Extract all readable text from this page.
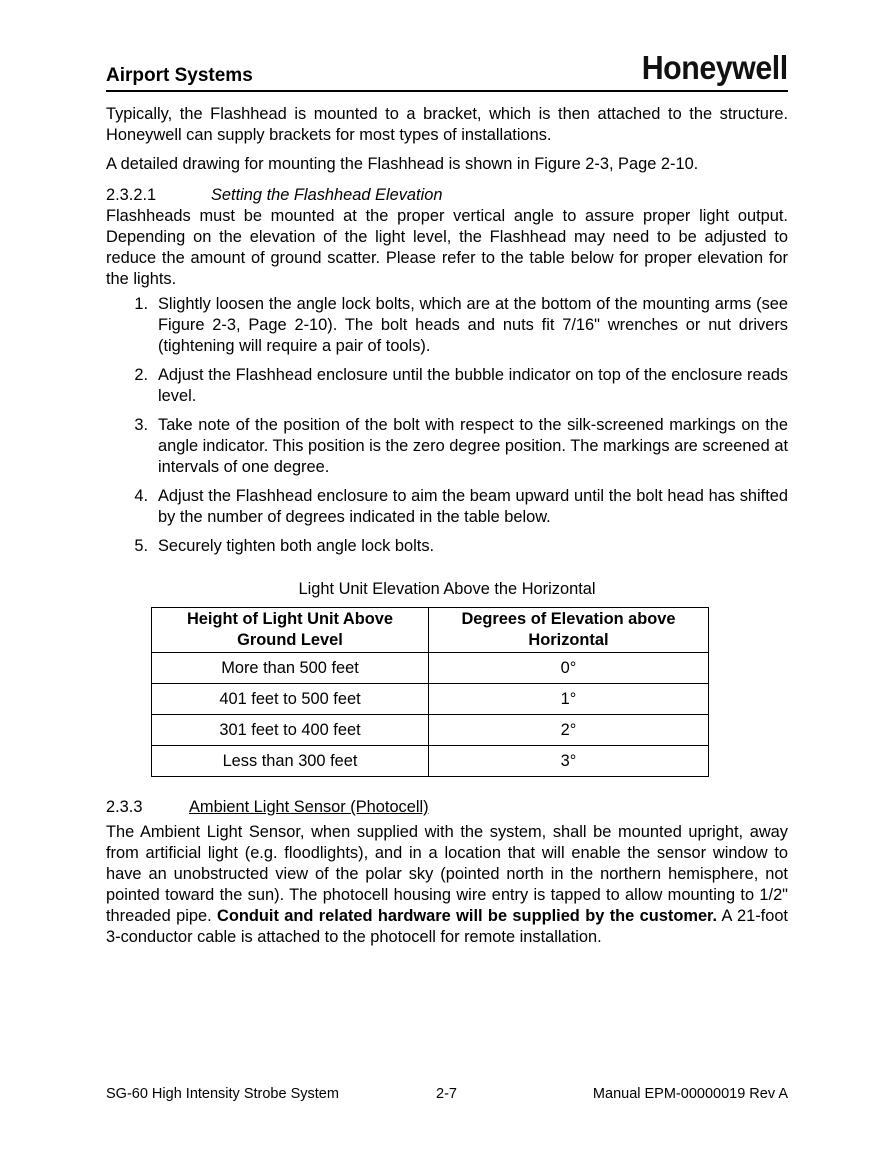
Airport Systems	Honeywell

Typically, the Flashhead is mounted to a bracket, which is then attached to the structure. Honeywell can supply brackets for most types of installations.

A detailed drawing for mounting the Flashhead is shown in Figure 2-3, Page 2-10.

2.3.2.1	Setting the Flashhead Elevation

Flashheads must be mounted at the proper vertical angle to assure proper light output. Depending on the elevation of the light level, the Flashhead may need to be adjusted to reduce the amount of ground scatter. Please refer to the table below for proper elevation for the lights.

1. Slightly loosen the angle lock bolts, which are at the bottom of the mounting arms (see Figure 2-3, Page 2-10). The bolt heads and nuts fit 7/16" wrenches or nut drivers (tightening will require a pair of tools).
2. Adjust the Flashhead enclosure until the bubble indicator on top of the enclosure reads level.
3. Take note of the position of the bolt with respect to the silk-screened markings on the angle indicator. This position is the zero degree position. The markings are screened at intervals of one degree.
4. Adjust the Flashhead enclosure to aim the beam upward until the bolt head has shifted by the number of degrees indicated in the table below.
5. Securely tighten both angle lock bolts.
Light Unit Elevation Above the Horizontal
Height of Light Unit Above Ground Level	Degrees of Elevation above Horizontal
More than 500 feet	0°
401 feet to 500 feet	1°
301 feet to 400 feet	2°
Less than 300 feet	3°
2.3.3	Ambient Light Sensor (Photocell)

The Ambient Light Sensor, when supplied with the system, shall be mounted upright, away from artificial light (e.g. floodlights), and in a location that will enable the sensor window to have an unobstructed view of the polar sky (pointed north in the northern hemisphere, not pointed toward the sun). The photocell housing wire entry is tapped to allow mounting to 1/2" threaded pipe. Conduit and related hardware will be supplied by the customer. A 21-foot 3-conductor cable is attached to the photocell for remote installation.

SG-60 High Intensity Strobe System	2-7	Manual EPM-00000019 Rev A
